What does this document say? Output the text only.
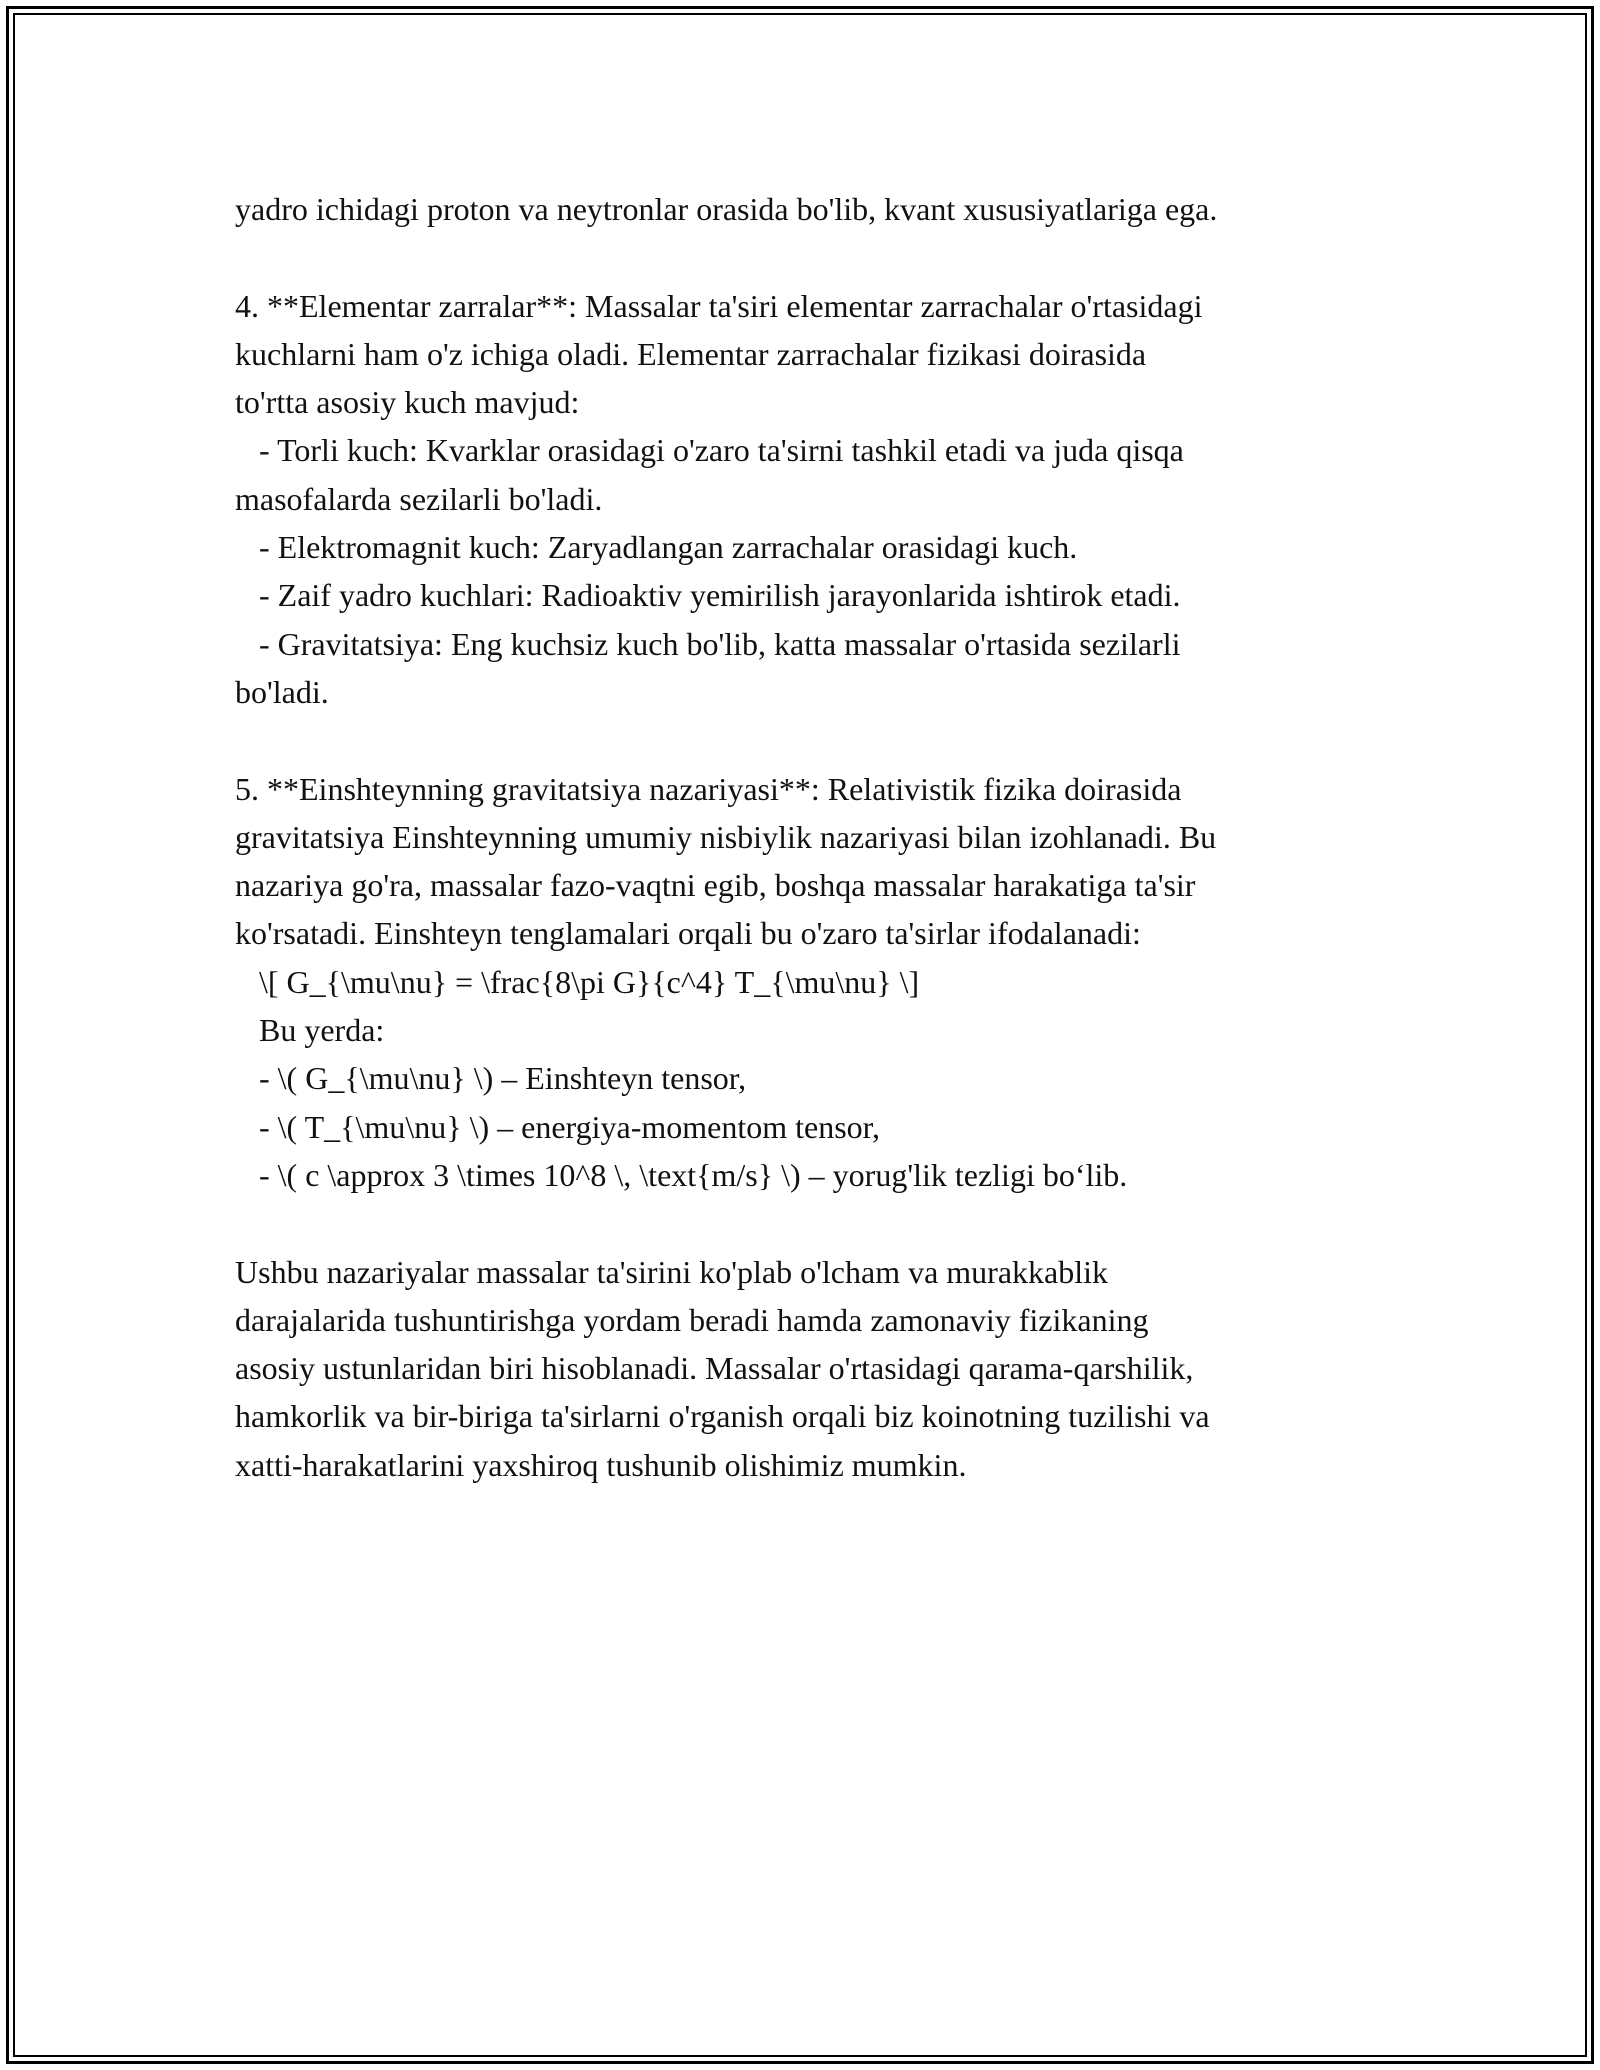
yadro ichidagi proton va neytronlar orasida bo'lib, kvant xususiyatlariga ega.
4. **Elementar zarralar**: Massalar ta'siri elementar zarrachalar o'rtasidagi
kuchlarni ham o'z ichiga oladi. Elementar zarrachalar fizikasi doirasida
to'rtta asosiy kuch mavjud:
- Torli kuch: Kvarklar orasidagi o'zaro ta'sirni tashkil etadi va juda qisqa
masofalarda sezilarli bo'ladi.
- Elektromagnit kuch: Zaryadlangan zarrachalar orasidagi kuch.
- Zaif yadro kuchlari: Radioaktiv yemirilish jarayonlarida ishtirok etadi.
- Gravitatsiya: Eng kuchsiz kuch bo'lib, katta massalar o'rtasida sezilarli
bo'ladi.
5. **Einshteynning gravitatsiya nazariyasi**: Relativistik fizika doirasida
gravitatsiya Einshteynning umumiy nisbiylik nazariyasi bilan izohlanadi. Bu
nazariya go'ra, massalar fazo-vaqtni egib, boshqa massalar harakatiga ta'sir
ko'rsatadi. Einshteyn tenglamalari orqali bu o'zaro ta'sirlar ifodalanadi:
\[ G_{\mu\nu} = \frac{8\pi G}{c^4} T_{\mu\nu} \]
Bu yerda:
- \( G_{\mu\nu} \) – Einshteyn tensor,
- \( T_{\mu\nu} \) – energiya-momentom tensor,
- \( c \approx 3 \times 10^8 \, \text{m/s} \) – yorug'lik tezligi bo‘lib.
Ushbu nazariyalar massalar ta'sirini ko'plab o'lcham va murakkablik
darajalarida tushuntirishga yordam beradi hamda zamonaviy fizikaning
asosiy ustunlaridan biri hisoblanadi. Massalar o'rtasidagi qarama-qarshilik,
hamkorlik va bir-biriga ta'sirlarni o'rganish orqali biz koinotning tuzilishi va
xatti-harakatlarini yaxshiroq tushunib olishimiz mumkin.
